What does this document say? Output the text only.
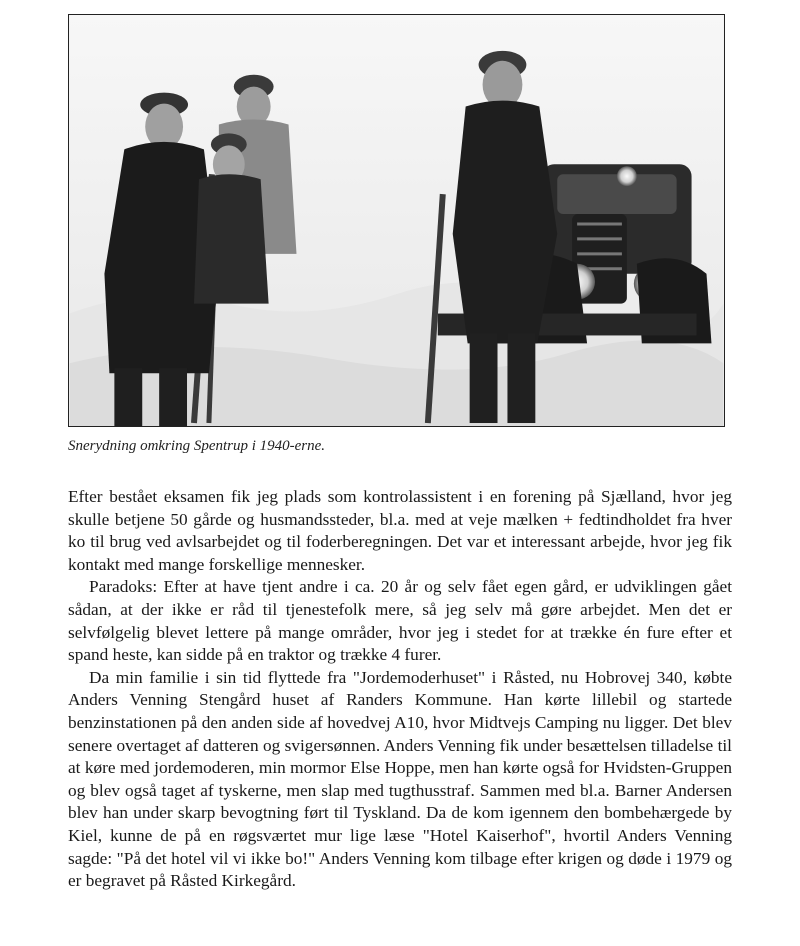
Snerydning omkring Spentrup i 1940-erne.

Efter bestået eksamen fik jeg plads som kontrolassistent i en forening på Sjælland, hvor jeg skulle betjene 50 gårde og husmandssteder, bl.a. med at veje mælken + fedtindholdet fra hver ko til brug ved avlsarbejdet og til foderberegningen. Det var et interessant arbejde, hvor jeg fik kontakt med mange forskellige mennesker.

Paradoks: Efter at have tjent andre i ca. 20 år og selv fået egen gård, er udviklingen gået sådan, at der ikke er råd til tjenestefolk mere, så jeg selv må gøre arbejdet. Men det er selvfølgelig blevet lettere på mange områder, hvor jeg i stedet for at trække én fure efter et spand heste, kan sidde på en traktor og trække 4 furer.

Da min familie i sin tid flyttede fra "Jordemoderhuset" i Råsted, nu Hobrovej 340, købte Anders Venning Stengård huset af Randers Kommune. Han kørte lillebil og startede benzinstationen på den anden side af hovedvej A10, hvor Midtvejs Camping nu ligger. Det blev senere overtaget af datteren og svigersønnen. Anders Venning fik under besættelsen tilladelse til at køre med jordemoderen, min mormor Else Hoppe, men han kørte også for Hvidsten-Gruppen og blev også taget af tyskerne, men slap med tugthusstraf. Sammen med bl.a. Barner Andersen blev han under skarp bevogtning ført til Tyskland. Da de kom igennem den bombehærgede by Kiel, kunne de på en røgsværtet mur lige læse "Hotel Kaiserhof", hvortil Anders Venning sagde: "På det hotel vil vi ikke bo!" Anders Venning kom tilbage efter krigen og døde i 1979 og er begravet på Råsted Kirkegård.
